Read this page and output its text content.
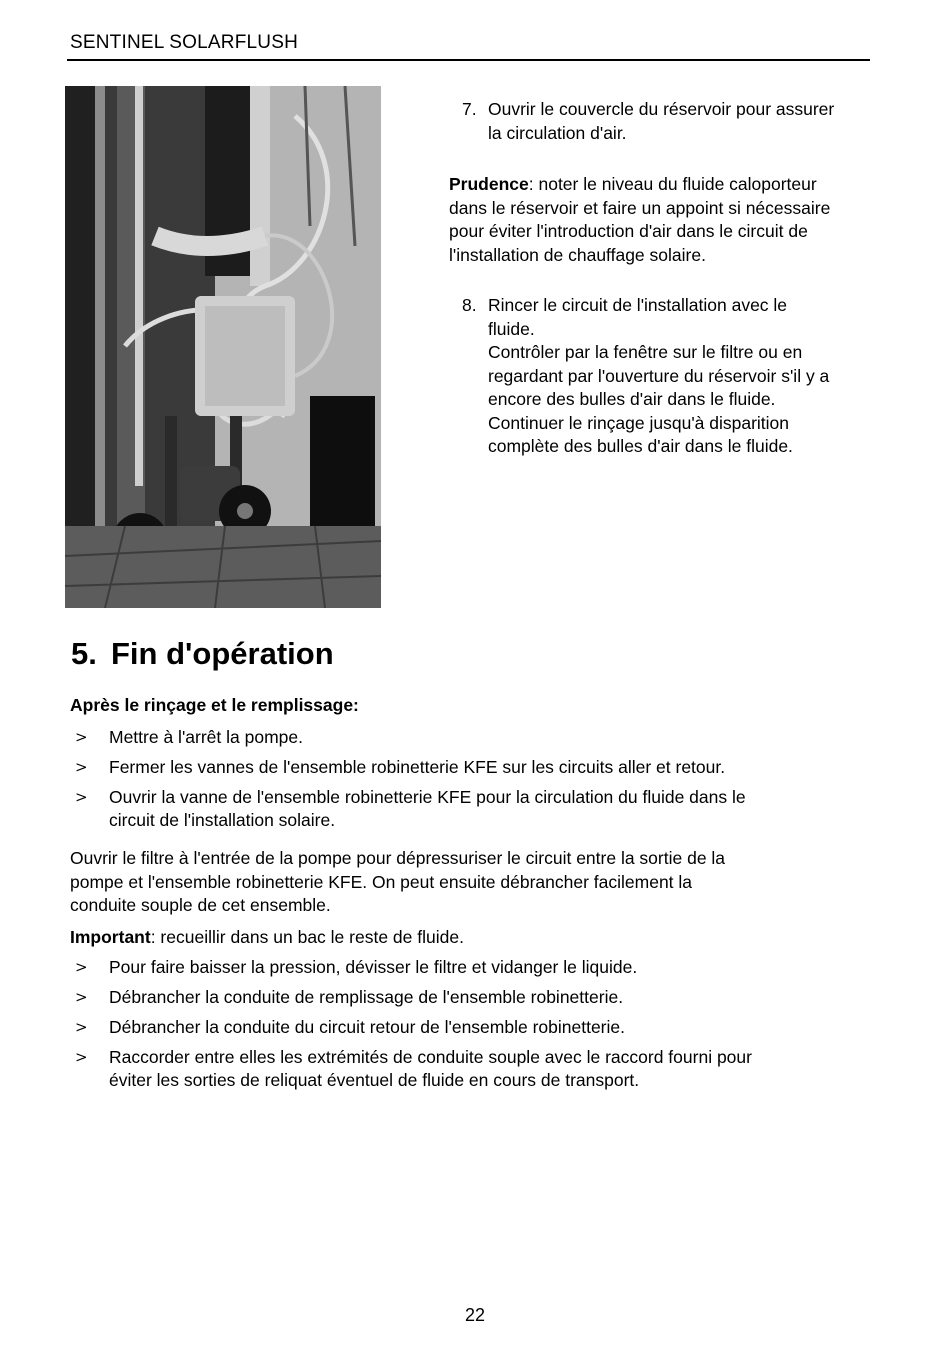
SENTINEL SOLARFLUSH
7. Ouvrir le couvercle du réservoir pour assurer
la circulation d'air.

Prudence: noter le niveau du fluide caloporteur

dans le réservoir et faire un appoint si nécessaire
pour éviter l'introduction d'air dans le circuit de
l'installation de chauffage solaire.
8. Rincer le circuit de l'installation avec le
fluide.
Contrôler par la fenêtre sur le filtre ou en
regardant par l'ouverture du réservoir s'il y a
encore des bulles d'air dans le fluide.
Continuer le rinçage jusqu'à disparition
complète des bulles d'air dans le fluide.
5. Fin d'opération

Après le rinçage et le remplissage:

> Mettre à l'arrêt la pompe.
> Fermer les vannes de l'ensemble robinetterie KFE sur les circuits aller et retour.
> Ouvrir la vanne de l'ensemble robinetterie KFE pour la circulation du fluide dans le
circuit de l'installation solaire.
Ouvrir le filtre à l'entrée de la pompe pour dépressuriser le circuit entre la sortie de la
pompe et l'ensemble robinetterie KFE. On peut ensuite débrancher facilement la
conduite souple de cet ensemble.

Important: recueillir dans un bac le reste de fluide.

> Pour faire baisser la pression, dévisser le filtre et vidanger le liquide.
> Débrancher la conduite de remplissage de l'ensemble robinetterie.
> Débrancher la conduite du circuit retour de l'ensemble robinetterie.
> Raccorder entre elles les extrémités de conduite souple avec le raccord fourni pour
éviter les sorties de reliquat éventuel de fluide en cours de transport.
22
